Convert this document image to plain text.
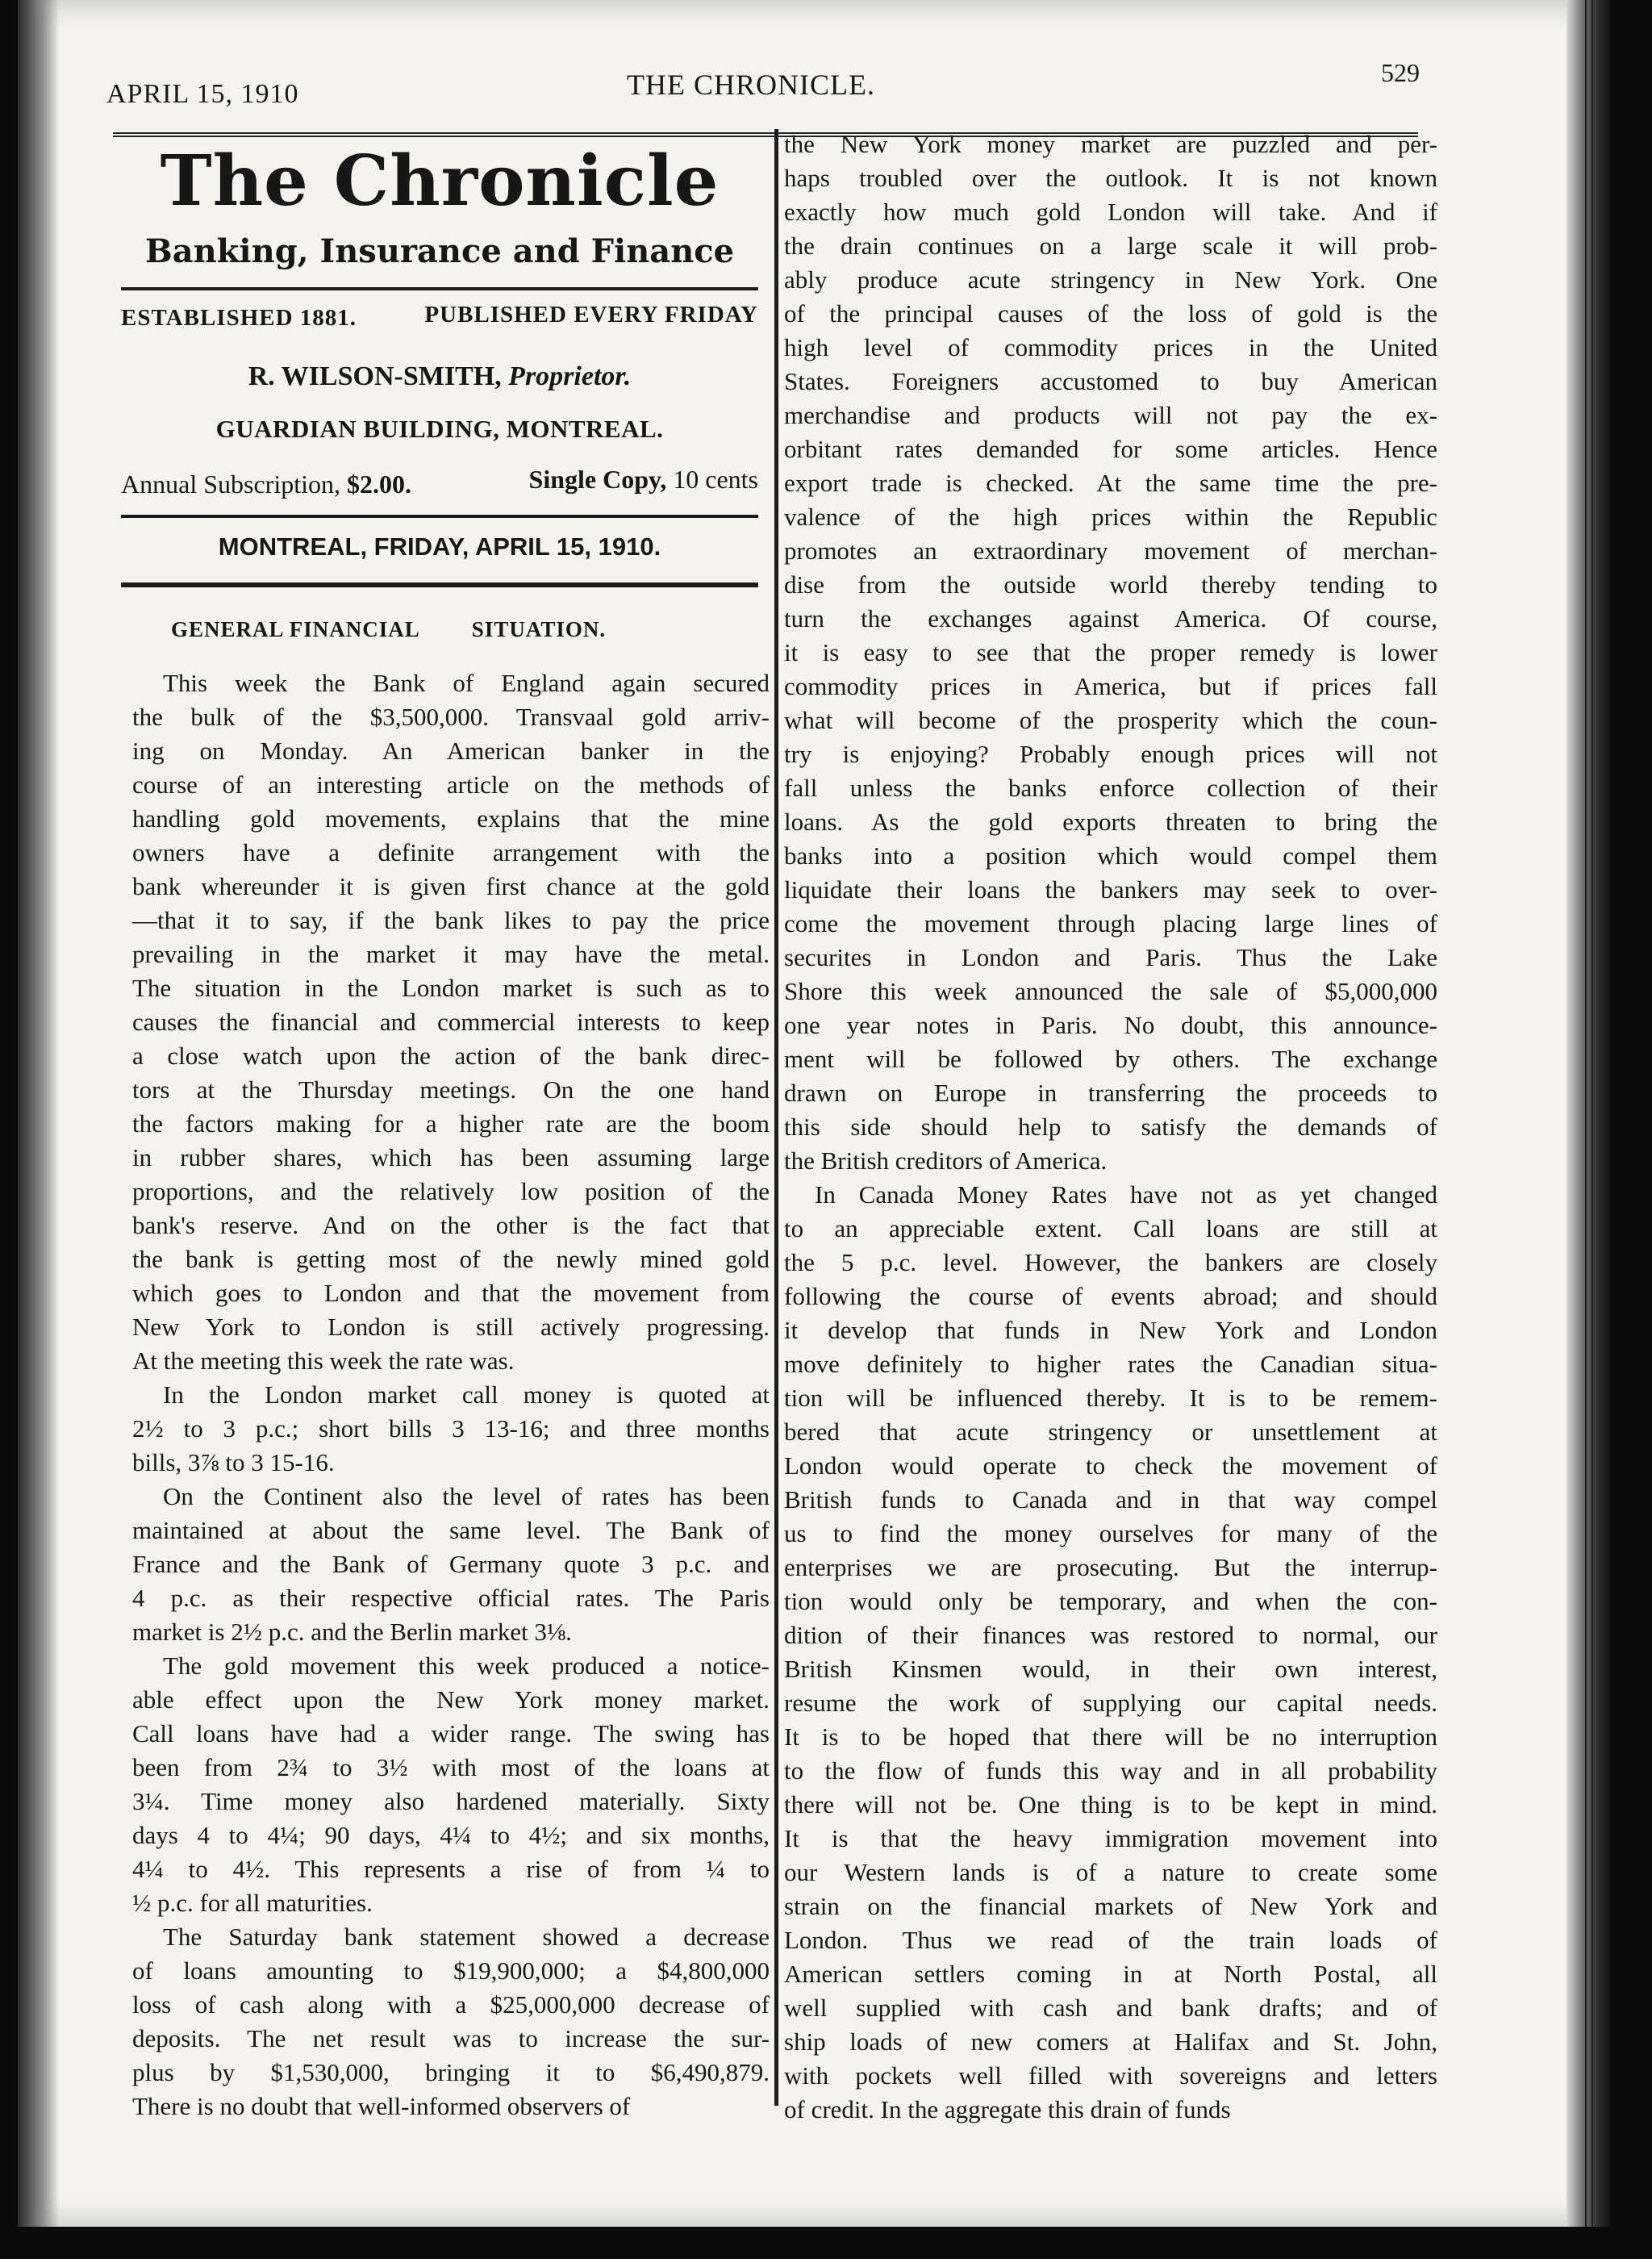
APRIL 15, 1910	THE CHRONICLE.	529
The Chronicle
Banking, Insurance and Finance
ESTABLISHED 1881.	PUBLISHED EVERY FRIDAY
R. WILSON-SMITH, Proprietor.
GUARDIAN BUILDING, MONTREAL.
Annual Subscription, $2.00.	Single Copy, 10 cents
MONTREAL, FRIDAY, APRIL 15, 1910.
GENERAL FINANCIAL SITUATION.
This week the Bank of England again secured
the bulk of the $3,500,000. Transvaal gold arriv-
ing on Monday. An American banker in the
course of an interesting article on the methods of
handling gold movements, explains that the mine
owners have a definite arrangement with the
bank whereunder it is given first chance at the gold
—that it to say, if the bank likes to pay the price
prevailing in the market it may have the metal.
The situation in the London market is such as to
causes the financial and commercial interests to keep
a close watch upon the action of the bank direc-
tors at the Thursday meetings. On the one hand
the factors making for a higher rate are the boom
in rubber shares, which has been assuming large
proportions, and the relatively low position of the
bank's reserve. And on the other is the fact that
the bank is getting most of the newly mined gold
which goes to London and that the movement from
New York to London is still actively progressing.
At the meeting this week the rate was.
In the London market call money is quoted at
2½ to 3 p.c.; short bills 3 13-16; and three months
bills, 3⅞ to 3 15-16.
On the Continent also the level of rates has been
maintained at about the same level. The Bank of
France and the Bank of Germany quote 3 p.c. and
4 p.c. as their respective official rates. The Paris
market is 2½ p.c. and the Berlin market 3⅛.
The gold movement this week produced a notice-
able effect upon the New York money market.
Call loans have had a wider range. The swing has
been from 2¾ to 3½ with most of the loans at
3¼. Time money also hardened materially. Sixty
days 4 to 4¼; 90 days, 4¼ to 4½; and six months,
4¼ to 4½. This represents a rise of from ¼ to
½ p.c. for all maturities.
The Saturday bank statement showed a decrease
of loans amounting to $19,900,000; a $4,800,000
loss of cash along with a $25,000,000 decrease of
deposits. The net result was to increase the sur-
plus by $1,530,000, bringing it to $6,490,879.
There is no doubt that well-informed observers of
the New York money market are puzzled and per-
haps troubled over the outlook. It is not known
exactly how much gold London will take. And if
the drain continues on a large scale it will prob-
ably produce acute stringency in New York. One
of the principal causes of the loss of gold is the
high level of commodity prices in the United
States. Foreigners accustomed to buy American
merchandise and products will not pay the ex-
orbitant rates demanded for some articles. Hence
export trade is checked. At the same time the pre-
valence of the high prices within the Republic
promotes an extraordinary movement of merchan-
dise from the outside world thereby tending to
turn the exchanges against America. Of course,
it is easy to see that the proper remedy is lower
commodity prices in America, but if prices fall
what will become of the prosperity which the coun-
try is enjoying? Probably enough prices will not
fall unless the banks enforce collection of their
loans. As the gold exports threaten to bring the
banks into a position which would compel them
liquidate their loans the bankers may seek to over-
come the movement through placing large lines of
securites in London and Paris. Thus the Lake
Shore this week announced the sale of $5,000,000
one year notes in Paris. No doubt, this announce-
ment will be followed by others. The exchange
drawn on Europe in transferring the proceeds to
this side should help to satisfy the demands of
the British creditors of America.
In Canada Money Rates have not as yet changed
to an appreciable extent. Call loans are still at
the 5 p.c. level. However, the bankers are closely
following the course of events abroad; and should
it develop that funds in New York and London
move definitely to higher rates the Canadian situa-
tion will be influenced thereby. It is to be remem-
bered that acute stringency or unsettlement at
London would operate to check the movement of
British funds to Canada and in that way compel
us to find the money ourselves for many of the
enterprises we are prosecuting. But the interrup-
tion would only be temporary, and when the con-
dition of their finances was restored to normal, our
British Kinsmen would, in their own interest,
resume the work of supplying our capital needs.
It is to be hoped that there will be no interruption
to the flow of funds this way and in all probability
there will not be. One thing is to be kept in mind.
It is that the heavy immigration movement into
our Western lands is of a nature to create some
strain on the financial markets of New York and
London. Thus we read of the train loads of
American settlers coming in at North Postal, all
well supplied with cash and bank drafts; and of
ship loads of new comers at Halifax and St. John,
with pockets well filled with sovereigns and letters
of credit. In the aggregate this drain of funds
